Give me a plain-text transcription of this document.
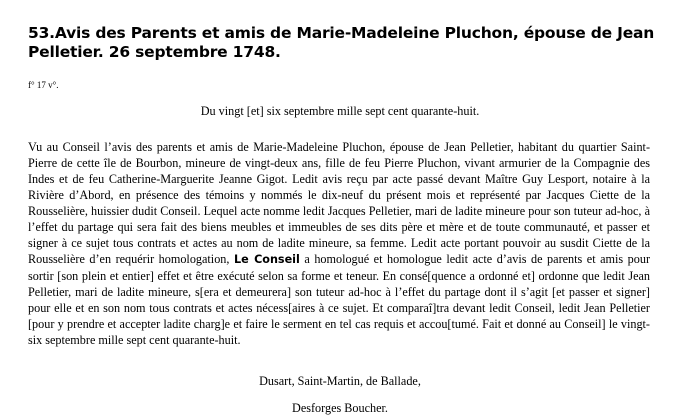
53.Avis des Parents et amis de Marie-Madeleine Pluchon, épouse de Jean Pelletier. 26 septembre 1748.
f° 17 v°.
Du vingt [et] six septembre mille sept cent quarante-huit.
Vu au Conseil l’avis des parents et amis de Marie-Madeleine Pluchon, épouse de Jean Pelletier, habitant du quartier Saint-Pierre de cette île de Bourbon, mineure de vingt-deux ans, fille de feu Pierre Pluchon, vivant armurier de la Compagnie des Indes et de feu Catherine-Marguerite Jeanne Gigot. Ledit avis reçu par acte passé devant Maître Guy Lesport, notaire à la Rivière d’Abord, en présence des témoins y nommés le dix-neuf du présent mois et représenté par Jacques Ciette de la Rousselière, huissier dudit Conseil. Lequel acte nomme ledit Jacques Pelletier, mari de ladite mineure pour son tuteur ad-hoc, à l’effet du partage qui sera fait des biens meubles et immeubles de ses dits père et mère et de toute communauté, et passer et signer à ce sujet tous contrats et actes au nom de ladite mineure, sa femme. Ledit acte portant pouvoir au susdit Ciette de la Rousselière d’en requérir homologation, Le Conseil a homologué et homologue ledit acte d’avis de parents et amis pour sortir [son plein et entier] effet et être exécuté selon sa forme et teneur. En consé[quence a ordonné et] ordonne que ledit Jean Pelletier, mari de ladite mineure, s[era et demeurera] son tuteur ad-hoc à l’effet du partage dont il s’agit [et passer et signer] pour elle et en son nom tous contrats et actes nécess[aires à ce sujet. Et comparaî]tra devant ledit Conseil, ledit Jean Pelletier [pour y prendre et accepter ladite charg]e et faire le serment en tel cas requis et accou[tumé. Fait et donné au Conseil] le vingt-six septembre mille sept cent quarante-huit.
Dusart, Saint-Martin, de Ballade,
Desforges Boucher.
